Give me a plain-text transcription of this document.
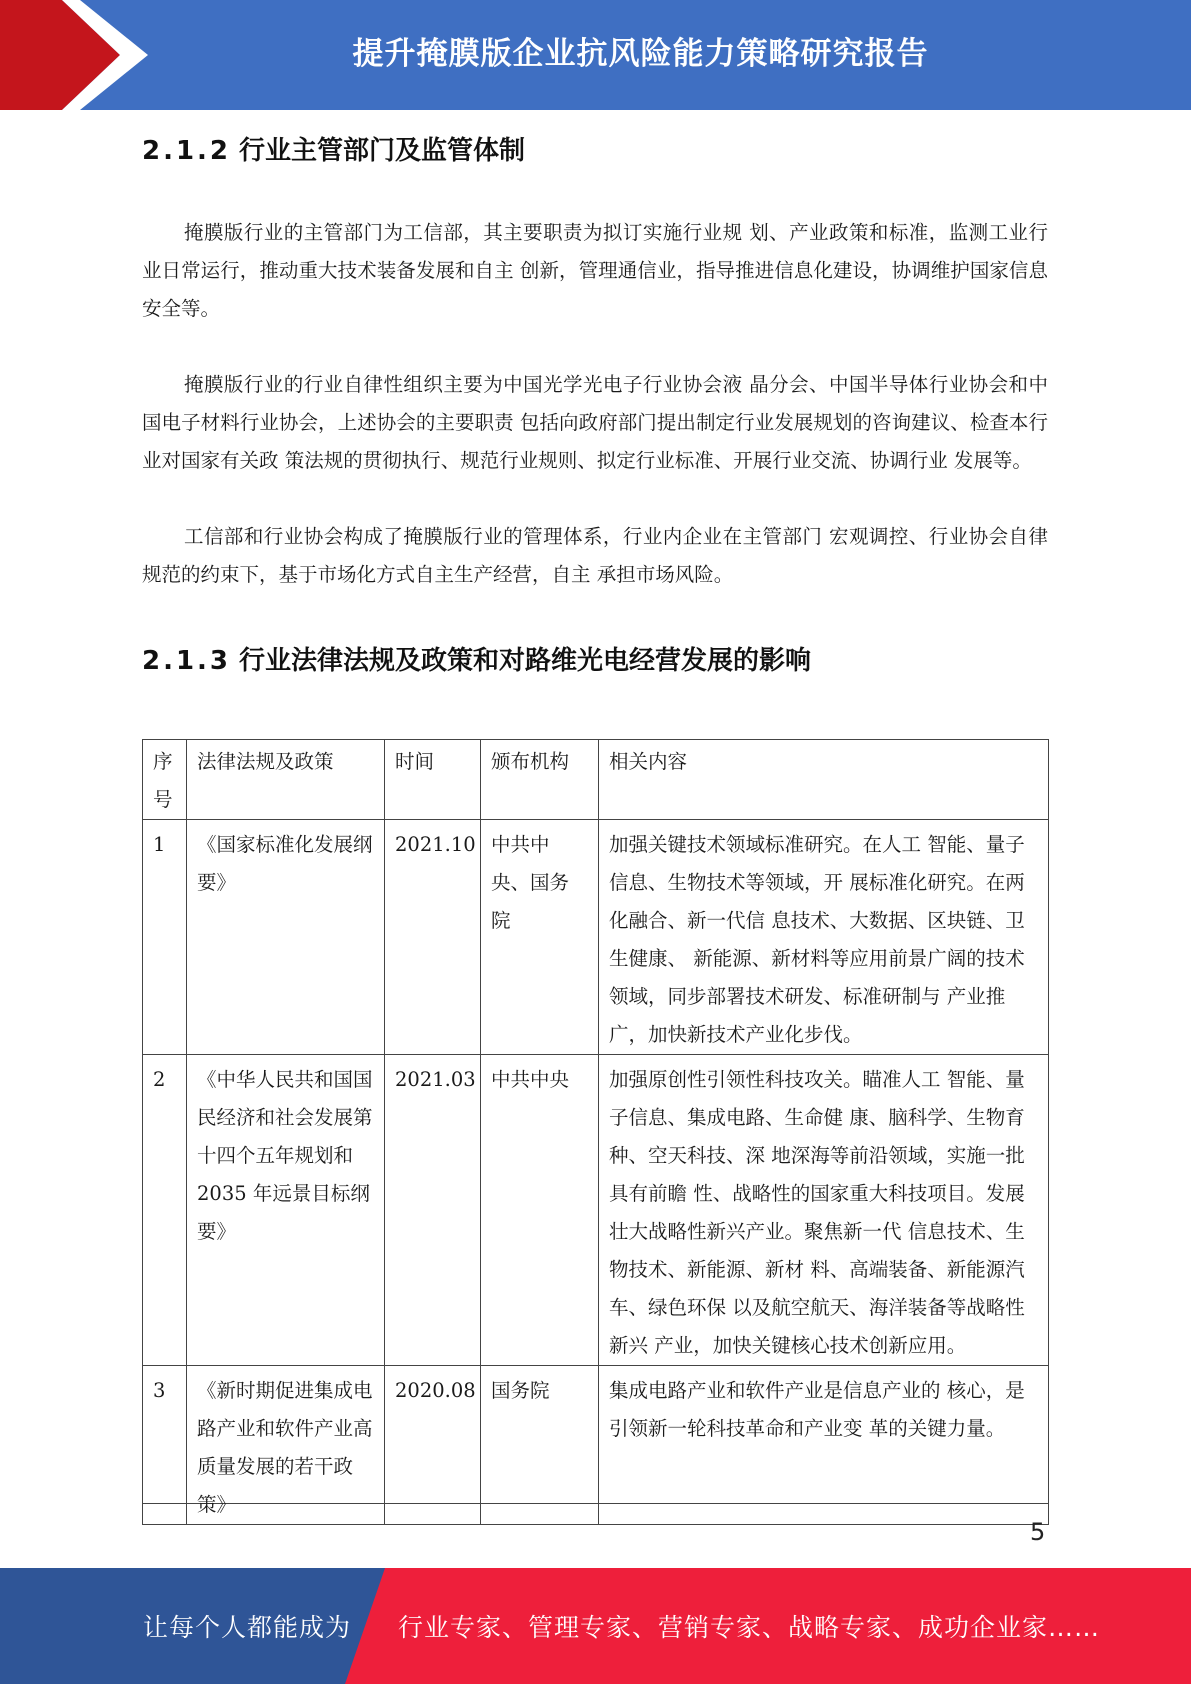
提升掩膜版企业抗风险能力策略研究报告
2.1.2 行业主管部门及监管体制

掩膜版行业的主管部门为工信部，其主要职责为拟订实施行业规 划、产业政策和标准，监测工业行业日常运行，推动重大技术装备发展和自主 创新，管理通信业，指导推进信息化建设，协调维护国家信息安全等。

掩膜版行业的行业自律性组织主要为中国光学光电子行业协会液 晶分会、中国半导体行业协会和中国电子材料行业协会，上述协会的主要职责 包括向政府部门提出制定行业发展规划的咨询建议、检查本行业对国家有关政 策法规的贯彻执行、规范行业规则、拟定行业标准、开展行业交流、协调行业 发展等。

工信部和行业协会构成了掩膜版行业的管理体系，行业内企业在主管部门 宏观调控、行业协会自律规范的约束下，基于市场化方式自主生产经营，自主 承担市场风险。

2.1.3 行业法律法规及政策和对路维光电经营发展的影响
序号	法律法规及政策	时间	颁布机构	相关内容
1	《国家标准化发展纲要》	2021.10	中共中央、国务院	加强关键技术领域标准研究。在人工 智能、量子信息、生物技术等领域，开 展标准化研究。在两化融合、新一代信 息技术、大数据、区块链、卫生健康、 新能源、新材料等应用前景广阔的技术 领域，同步部署技术研发、标准研制与 产业推广，加快新技术产业化步伐。
2	《中华人民共和国国民经济和社会发展第十四个五年规划和 2035 年远景目标纲要》	2021.03	中共中央	加强原创性引领性科技攻关。瞄准人工 智能、量子信息、集成电路、生命健 康、脑科学、生物育种、空天科技、深 地深海等前沿领域，实施一批具有前瞻 性、战略性的国家重大科技项目。发展壮大战略性新兴产业。聚焦新一代 信息技术、生物技术、新能源、新材 料、高端装备、新能源汽车、绿色环保 以及航空航天、海洋装备等战略性新兴 产业，加快关键核心技术创新应用。
3	《新时期促进集成电路产业和软件产业高质量发展的若干政策》	2020.08	国务院	集成电路产业和软件产业是信息产业的 核心，是引领新一轮科技革命和产业变 革的关键力量。
5
让每个人都能成为 行业专家、管理专家、营销专家、战略专家、成功企业家……
